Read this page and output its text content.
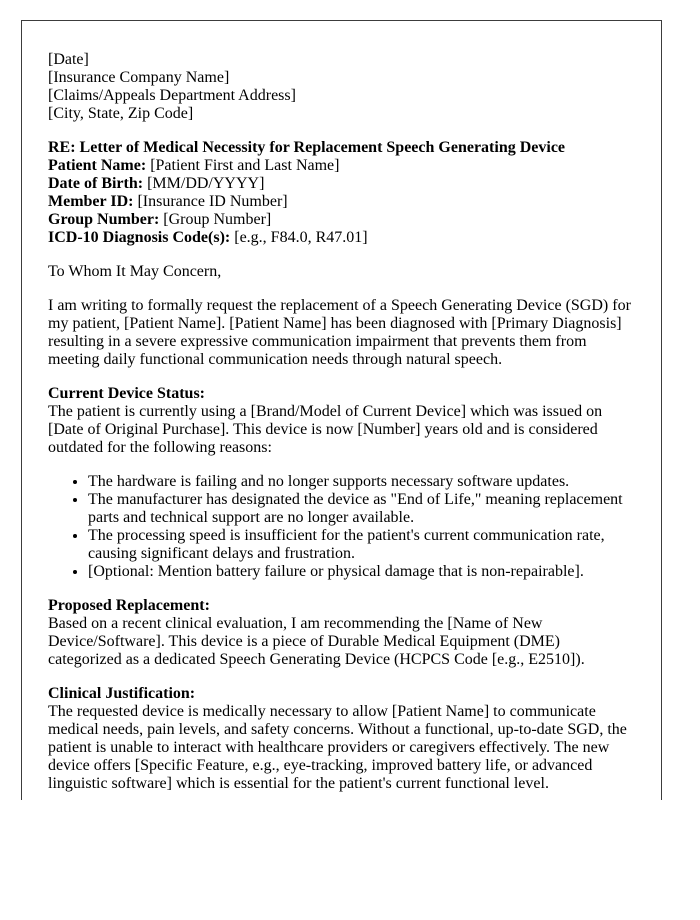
[Date]
[Insurance Company Name]
[Claims/Appeals Department Address]
[City, State, Zip Code]

RE: Letter of Medical Necessity for Replacement Speech Generating Device
Patient Name: [Patient First and Last Name]
Date of Birth: [MM/DD/YYYY]
Member ID: [Insurance ID Number]
Group Number: [Group Number]
ICD-10 Diagnosis Code(s): [e.g., F84.0, R47.01]

To Whom It May Concern,

I am writing to formally request the replacement of a Speech Generating Device (SGD) for my patient, [Patient Name]. [Patient Name] has been diagnosed with [Primary Diagnosis] resulting in a severe expressive communication impairment that prevents them from meeting daily functional communication needs through natural speech.

Current Device Status:
The patient is currently using a [Brand/Model of Current Device] which was issued on [Date of Original Purchase]. This device is now [Number] years old and is considered outdated for the following reasons:

• The hardware is failing and no longer supports necessary software updates.
• The manufacturer has designated the device as "End of Life," meaning replacement parts and technical support are no longer available.
• The processing speed is insufficient for the patient's current communication rate, causing significant delays and frustration.
• [Optional: Mention battery failure or physical damage that is non-repairable].

Proposed Replacement:
Based on a recent clinical evaluation, I am recommending the [Name of New Device/Software]. This device is a piece of Durable Medical Equipment (DME) categorized as a dedicated Speech Generating Device (HCPCS Code [e.g., E2510]).

Clinical Justification:
The requested device is medically necessary to allow [Patient Name] to communicate medical needs, pain levels, and safety concerns. Without a functional, up-to-date SGD, the patient is unable to interact with healthcare providers or caregivers effectively. The new device offers [Specific Feature, e.g., eye-tracking, improved battery life, or advanced linguistic software] which is essential for the patient's current functional level.
